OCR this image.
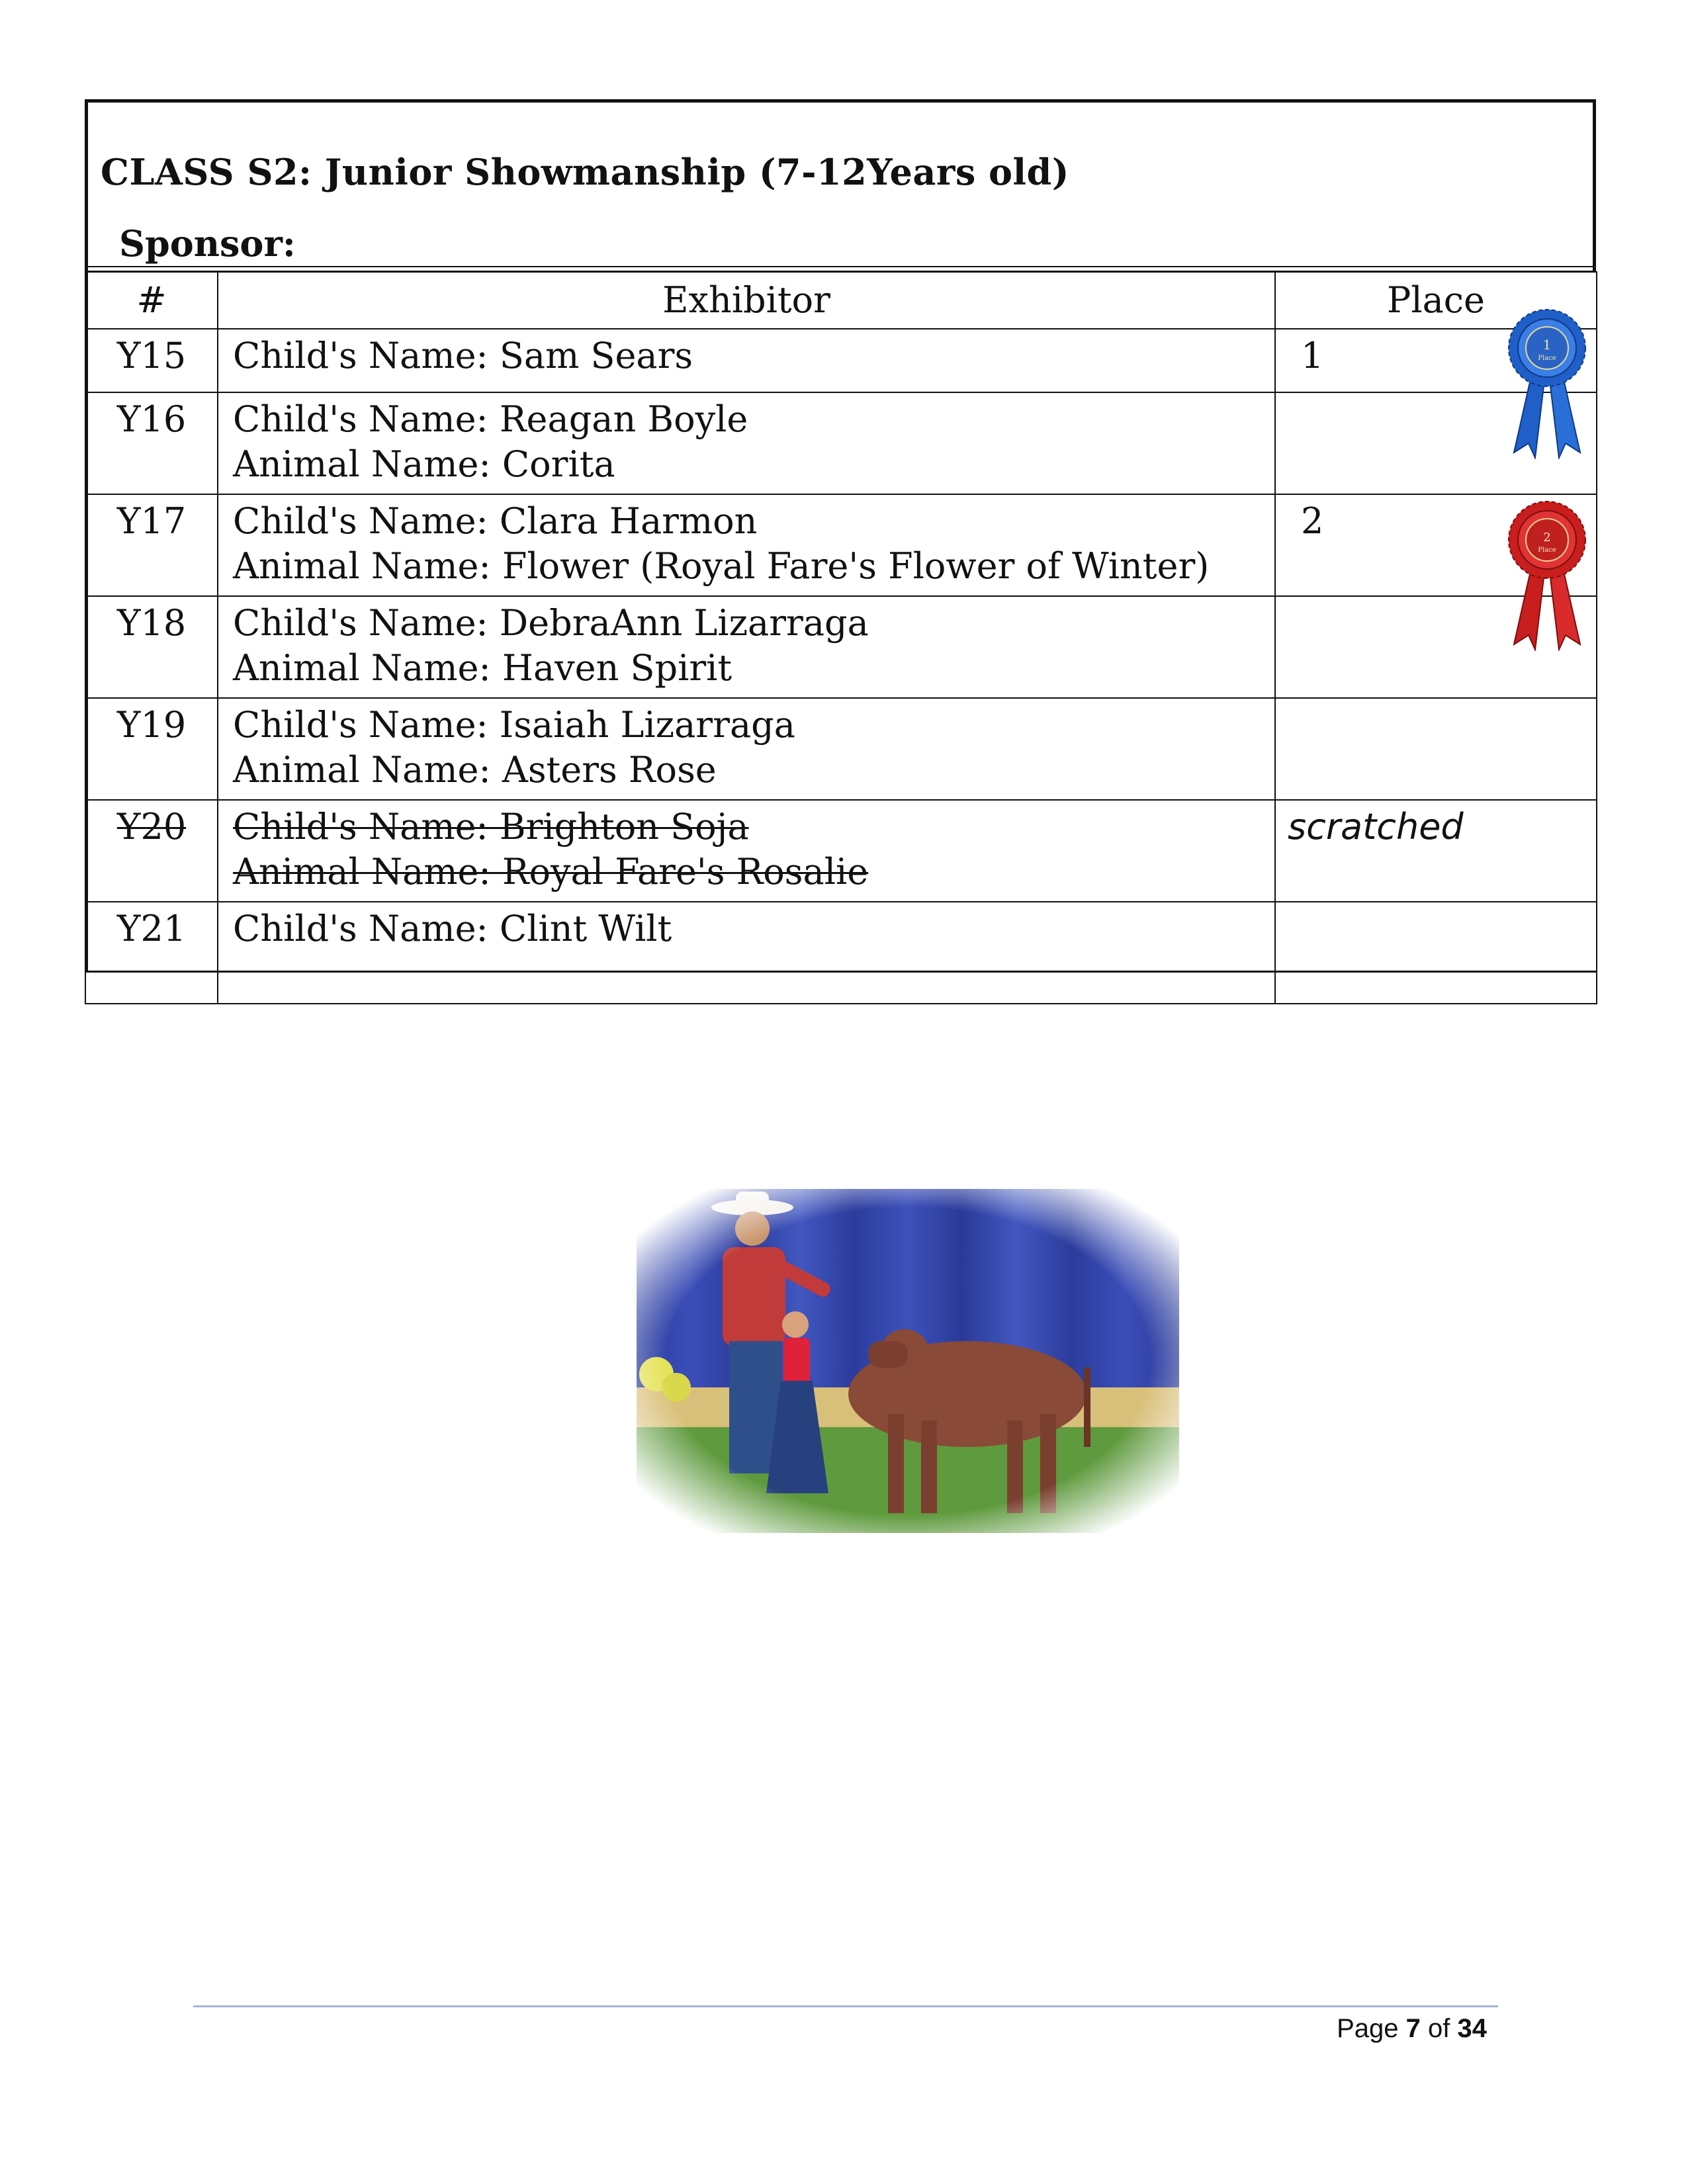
CLASS S2: Junior Showmanship (7-12Years old)
Sponsor:
#	Exhibitor	Place
Y15	Child's Name: Sam Sears	1
Y16	Child's Name: Reagan Boyle
Animal Name: Corita	

Y17	Child's Name: Clara Harmon
Animal Name: Flower (Royal Fare's Flower of Winter)	2
Y18	Child's Name: DebraAnn Lizarraga
Animal Name: Haven Spirit	

Y19	Child's Name: Isaiah Lizarraga
Animal Name: Asters Rose	

Y20	Child's Name: Brighton Soja
Animal Name: Royal Fare's Rosalie	scratched
Y21	Child's Name: Clint Wilt	

1
Place
2
Place
Page 7 of 34
